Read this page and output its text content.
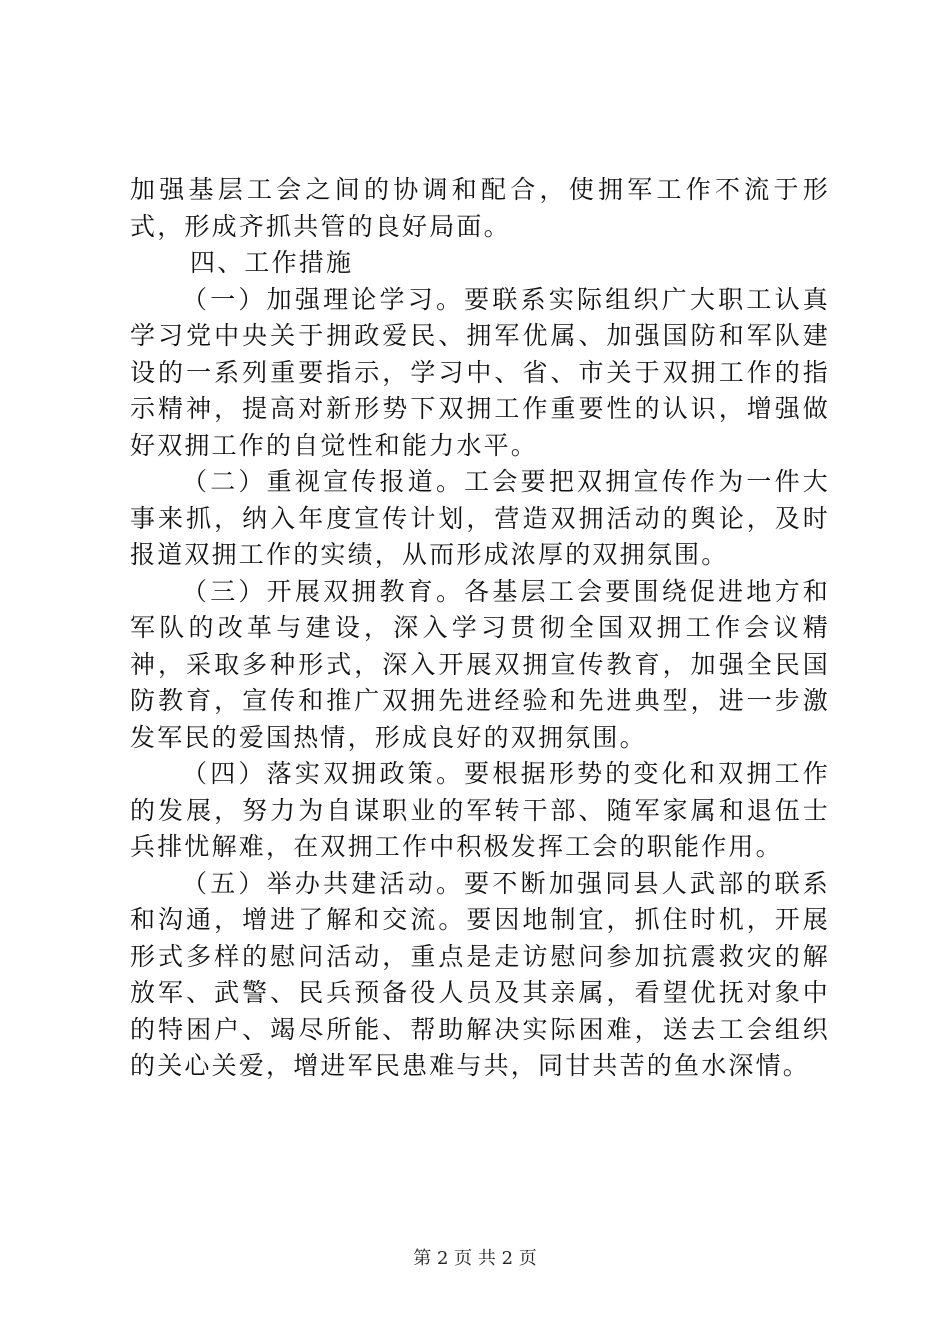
加强基层工会之间的协调和配合，使拥军工作不流于形式，形成齐抓共管的良好局面。

四、工作措施

（一）加强理论学习。要联系实际组织广大职工认真学习党中央关于拥政爱民、拥军优属、加强国防和军队建设的一系列重要指示，学习中、省、市关于双拥工作的指示精神，提高对新形势下双拥工作重要性的认识，增强做好双拥工作的自觉性和能力水平。

（二）重视宣传报道。工会要把双拥宣传作为一件大事来抓，纳入年度宣传计划，营造双拥活动的舆论，及时报道双拥工作的实绩，从而形成浓厚的双拥氛围。

（三）开展双拥教育。各基层工会要围绕促进地方和军队的改革与建设，深入学习贯彻全国双拥工作会议精神，采取多种形式，深入开展双拥宣传教育，加强全民国防教育，宣传和推广双拥先进经验和先进典型，进一步激发军民的爱国热情，形成良好的双拥氛围。

（四）落实双拥政策。要根据形势的变化和双拥工作的发展，努力为自谋职业的军转干部、随军家属和退伍士兵排忧解难，在双拥工作中积极发挥工会的职能作用。

（五）举办共建活动。要不断加强同县人武部的联系和沟通，增进了解和交流。要因地制宜，抓住时机，开展形式多样的慰问活动，重点是走访慰问参加抗震救灾的解放军、武警、民兵预备役人员及其亲属，看望优抚对象中的特困户、竭尽所能、帮助解决实际困难，送去工会组织的关心关爱，增进军民患难与共，同甘共苦的鱼水深情。

第 2 页 共 2 页
